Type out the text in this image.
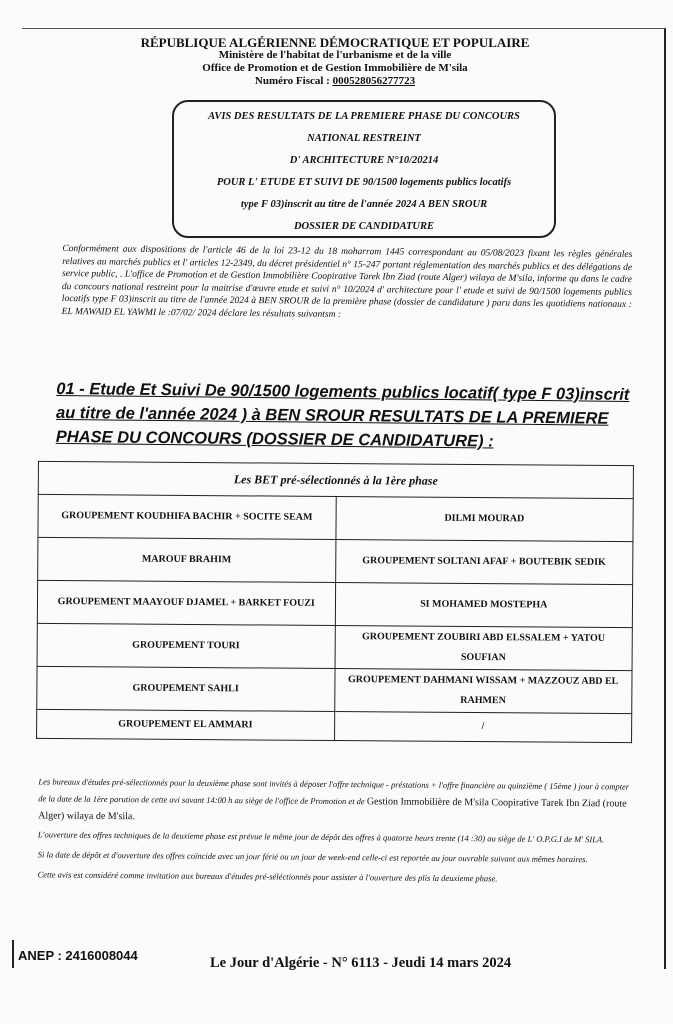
RÉPUBLIQUE ALGÉRIENNE DÉMOCRATIQUE ET POPULAIRE
Ministère de l'habitat de l'urbanisme et de la ville
Office de Promotion et de Gestion Immobilière de M'sila
Numéro Fiscal : 000528056277723
AVIS DES RESULTATS DE LA PREMIERE PHASE DU CONCOURS
NATIONAL RESTREINT
D' ARCHITECTURE N°10/20214
POUR L' ETUDE ET SUIVI DE 90/1500 logements publics locatifs
type F 03)inscrit au titre de l'année 2024 A BEN SROUR
DOSSIER DE CANDIDATURE
Conformément aux dispositions de l'article 46 de la loi 23-12 du 18 moharram 1445 correspondant au 05/08/2023 fixant les règles générales relatives au marchés publics et l' articles 12-2349, du décret présidentiel n° 15-247 portant réglementation des marchés publics et des délégations de service public, . L'office de Promotion et de Gestion Immobilière Coopirative Tarek Ibn Ziad (route Alger) wilaya de M'sila, informe qu dans le cadre du concours national restreint pour la maitrise d'œuvre etude et suivi n° 10/2024 d' architecture pour l' etude et suivi de 90/1500 logements publics locatifs type F 03)inscrit au titre de l'année 2024 à BEN SROUR de la première phase (dossier de candidature ) paru dans les quotidiens nationaux : EL MAWAID EL YAWMI le :07/02/ 2024 déclare les résultats suivantsm :
01 - Etude Et Suivi De 90/1500 logements publics locatif( type F 03)inscrit au titre de l'année 2024 ) à BEN SROUR RESULTATS DE LA PREMIERE PHASE DU CONCOURS (DOSSIER DE CANDIDATURE) :
Les BET pré-sélectionnés à la 1ère phase	
GROUPEMENT KOUDHIFA BACHIR + SOCITE SEAM	DILMI MOURAD
MAROUF BRAHIM	GROUPEMENT SOLTANI AFAF + BOUTEBIK SEDIK
GROUPEMENT MAAYOUF DJAMEL + BARKET FOUZI	SI MOHAMED MOSTEPHA
GROUPEMENT TOURI	GROUPEMENT ZOUBIRI ABD ELSSALEM + YATOU SOUFIAN
GROUPEMENT SAHLI	GROUPEMENT DAHMANI WISSAM + MAZZOUZ ABD EL RAHMEN
GROUPEMENT EL AMMARI	/
Les bureaux d'études pré-sélectionnés pour la deuxième phase sont invités à déposer l'offre technique - préstations + l'offre financière au quinzième ( 15ème ) jour à compter de la date de la 1ère parution de cette avi savant 14:00 h au siège de l'office de Promotion et de Gestion Immobilière de M'sila Coopirative Tarek Ibn Ziad (route Alger) wilaya de M'sila.
L'ouverture des offres techniques de la deuxieme phase est prévue le même jour de dépôt des offres à quatorze heurs trente (14 :30) au siège de L' O.P.G.I de M' SILA.
Si la date de dépôt et d'ouverture des offres coïncide avec un jour férié ou un jour de week-end celle-ci est reportée au jour ouvrable suivant aux mêmes horaires.
Cette avis est considéré comme invitation aux bureaux d'études pré-séléctionnés pour assister à l'ouverture des plis la deuxieme phase.
ANEP : 2416008044	Le Jour d'Algérie - N° 6113 - Jeudi 14 mars 2024
